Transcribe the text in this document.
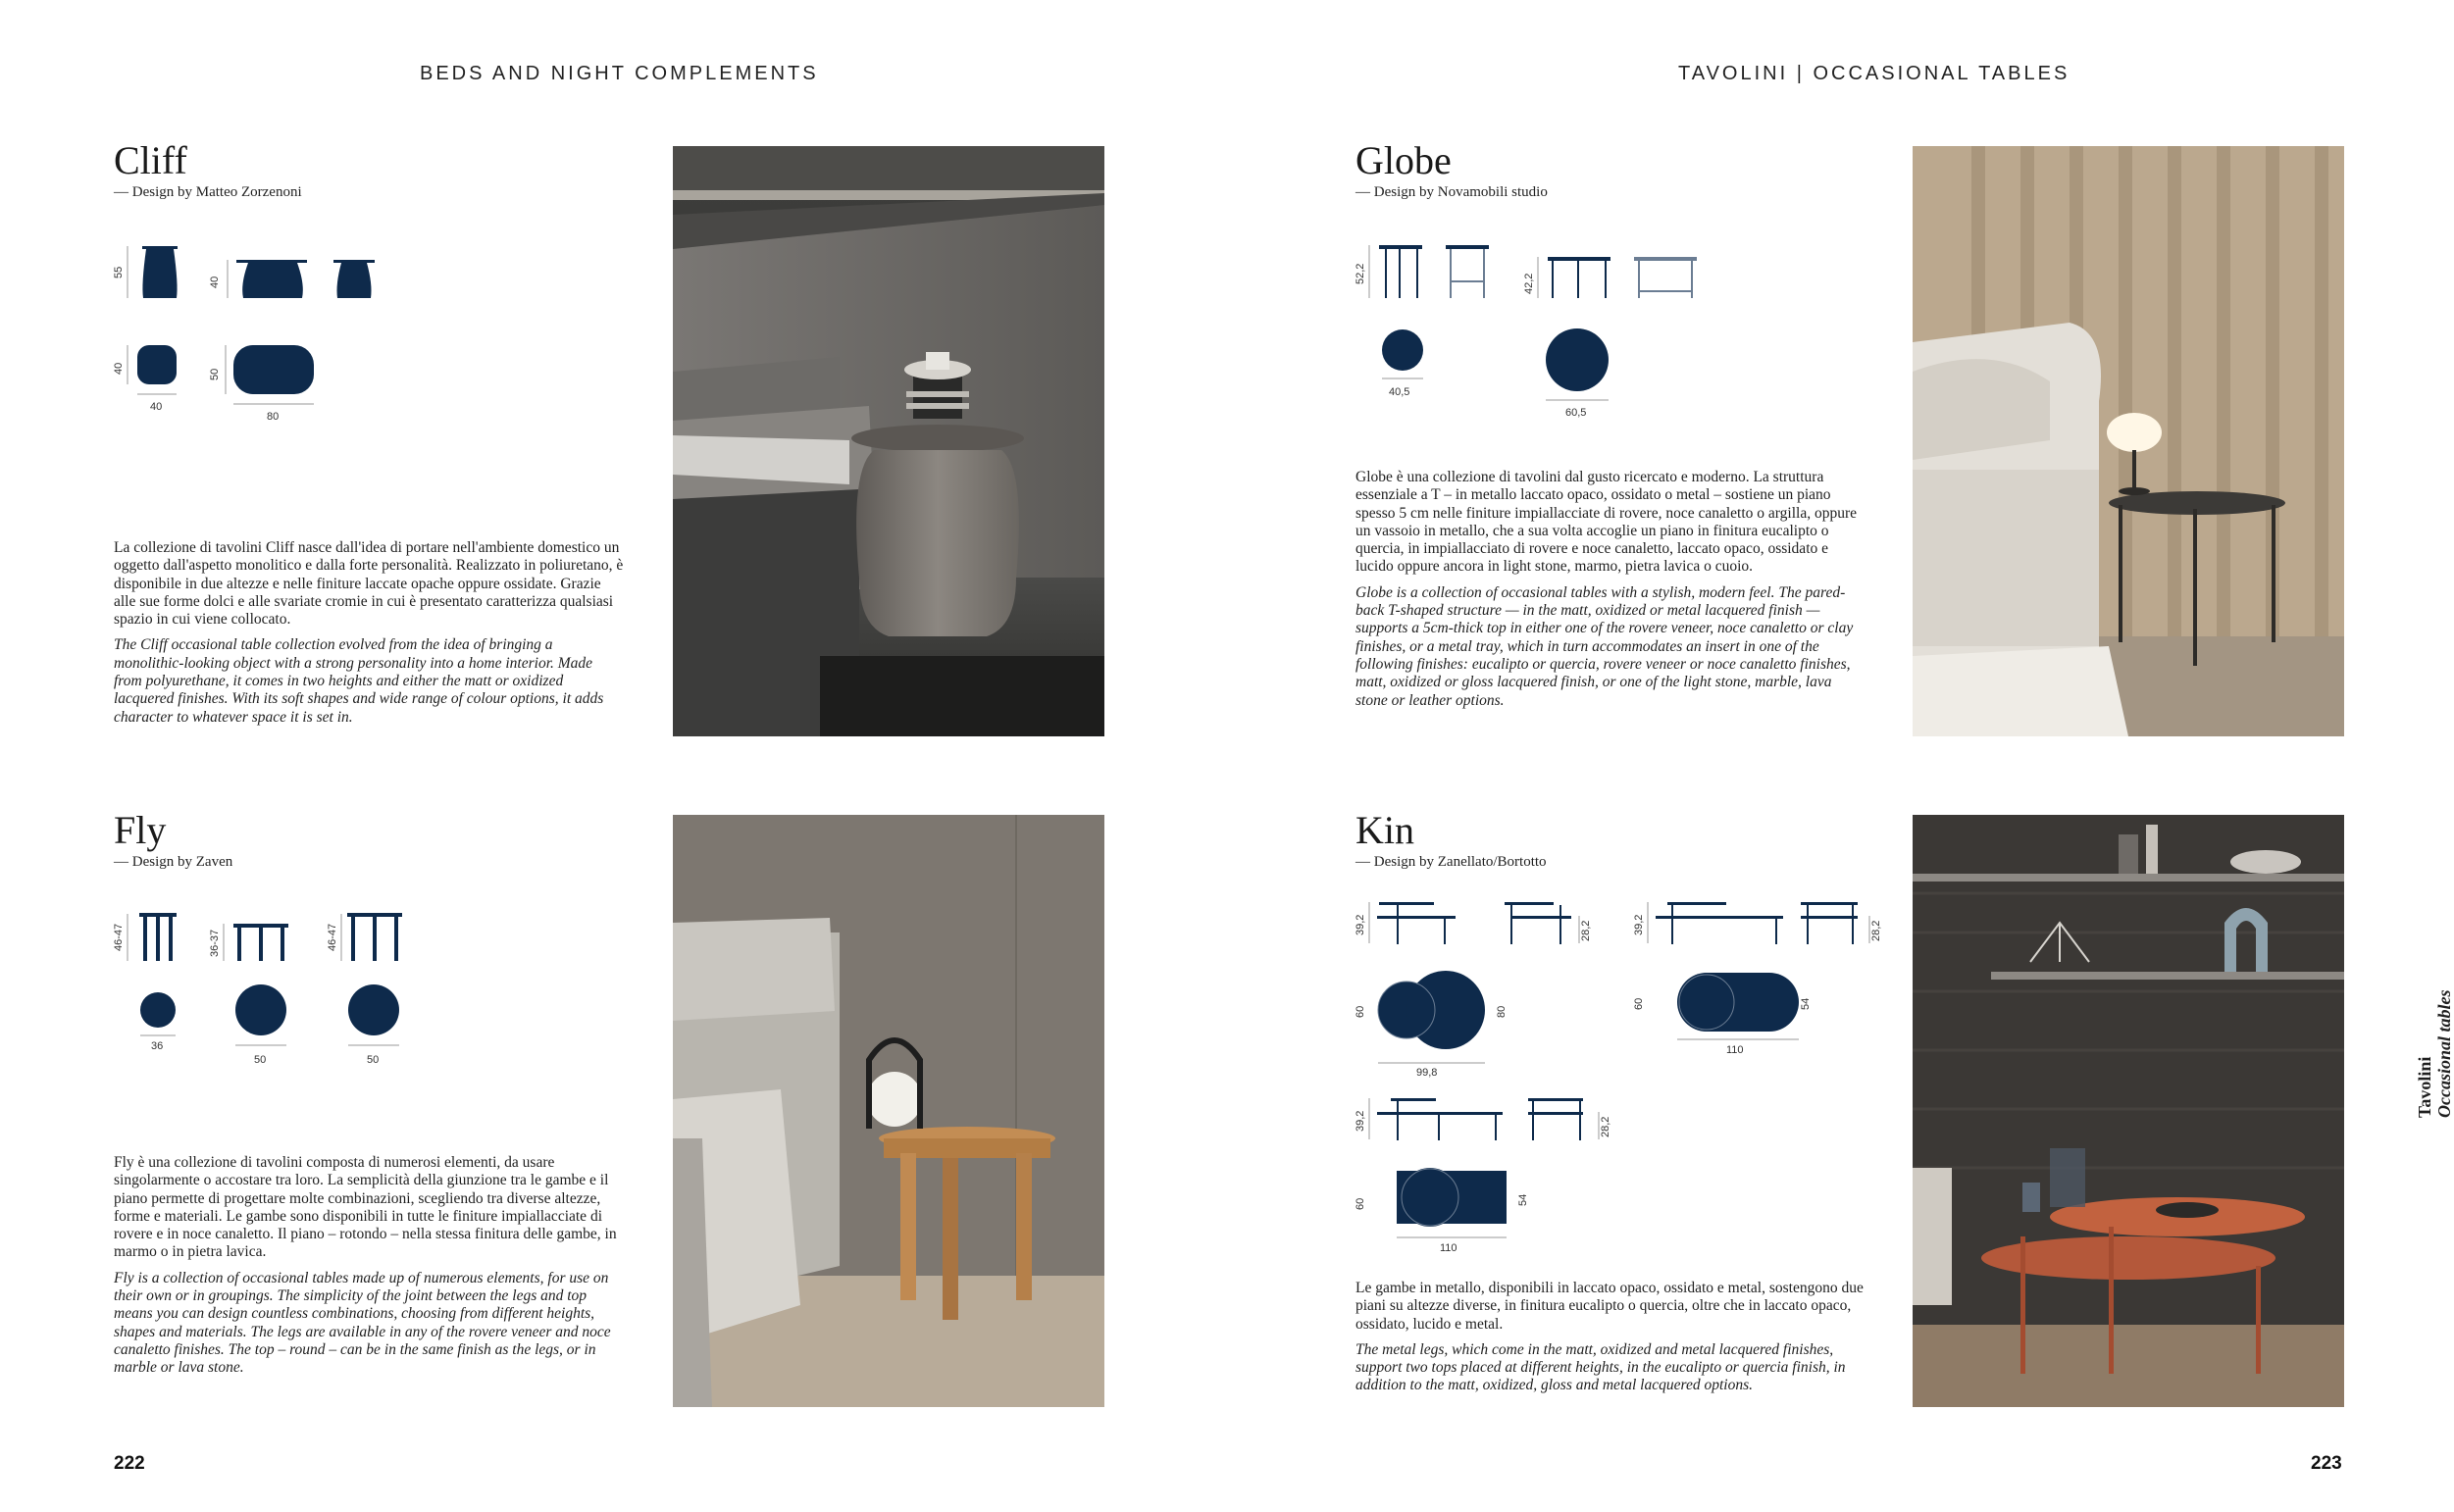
BEDS AND NIGHT COMPLEMENTS	TAVOLINI | OCCASIONAL TABLES
Cliff
— Design by Matteo Zorzenoni
55
40
40
40
50
80

La collezione di tavolini Cliff nasce dall'idea di portare nell'ambiente domestico un oggetto dall'aspetto monolitico e dalla forte personalità. Realizzato in poliuretano, è disponibile in due altezze e nelle finiture laccate opache oppure ossidate. Grazie alle sue forme dolci e alle svariate cromie in cui è presentato caratterizza qualsiasi spazio in cui viene collocato.

The Cliff occasional table collection evolved from the idea of bringing a monolithic-looking object with a strong personality into a home interior. Made from polyurethane, it comes in two heights and either the matt or oxidized lacquered finishes. With its soft shapes and wide range of colour options, it adds character to whatever space it is set in.

Fly
— Design by Zaven
46-47	36-37	46-47
36
50	50

Fly è una collezione di tavolini composta di numerosi elementi, da usare singolarmente o accostare tra loro. La semplicità della giunzione tra le gambe e il piano permette di progettare molte combinazioni, scegliendo tra diverse altezze, forme e materiali. Le gambe sono disponibili in tutte le finiture impiallacciate di rovere e in noce canaletto. Il piano – rotondo – nella stessa finitura delle gambe, in marmo o in pietra lavica.

Fly is a collection of occasional tables made up of numerous elements, for use on their own or in groupings. The simplicity of the joint between the legs and top means you can design countless combinations, choosing from different heights, shapes and materials. The legs are available in any of the rovere veneer and noce canaletto finishes. The top – round – can be in the same finish as the legs, or in marble or lava stone.

222	223
Globe
— Design by Novamobili studio
52,2	42,2
40,5
60,5

Globe è una collezione di tavolini dal gusto ricercato e moderno. La struttura essenziale a T – in metallo laccato opaco, ossidato o metal – sostiene un piano spesso 5 cm nelle finiture impiallacciate di rovere, noce canaletto o argilla, oppure un vassoio in metallo, che a sua volta accoglie un piano in finitura eucalipto o quercia, in impiallacciato di rovere e noce canaletto, laccato opaco, ossidato e lucido oppure ancora in light stone, marmo, pietra lavica o cuoio.

Globe is a collection of occasional tables with a stylish, modern feel. The pared-back T-shaped structure — in the matt, oxidized or metal lacquered finish — supports a 5cm-thick top in either one of the rovere veneer, noce canaletto or clay finishes, or a metal tray, which in turn accommodates an insert in one of the following finishes: eucalipto or quercia, rovere veneer or noce canaletto finishes, matt, oxidized or gloss lacquered finish, or one of the light stone, marble, lava stone or leather options.

Kin
— Design by Zanellato/Bortotto
39,2	28,2	39,2	28,2
60	80
99,8
60	54
110
39,2	28,2
60	54
110

Le gambe in metallo, disponibili in laccato opaco, ossidato e metal, sostengono due piani su altezze diverse, in finitura eucalipto o quercia, oltre che in laccato opaco, ossidato, lucido e metal.

The metal legs, which come in the matt, oxidized and metal lacquered finishes, support two tops placed at different heights, in the eucalipto or quercia finish, in addition to the matt, oxidized, gloss and metal lacquered options.

Tavolini
Occasional tables
